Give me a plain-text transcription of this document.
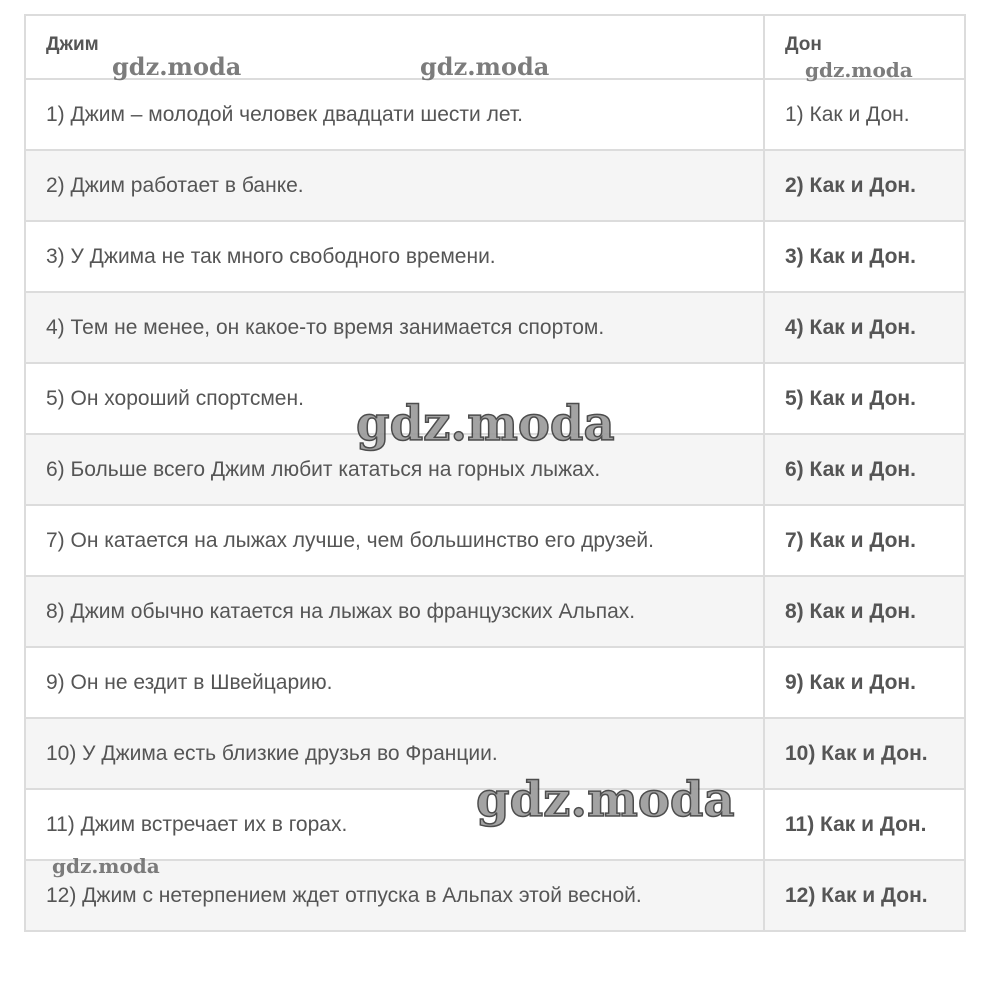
Джим	Дон
1) Джим – молодой человек двадцати шести лет.	1) Как и Дон.
2) Джим работает в банке.	2) Как и Дон.
3) У Джима не так много свободного времени.	3) Как и Дон.
4) Тем не менее, он какое-то время занимается спортом.	4) Как и Дон.
5) Он хороший спортсмен.	5) Как и Дон.
6) Больше всего Джим любит кататься на горных лыжах.	6) Как и Дон.
7) Он катается на лыжах лучше, чем большинство его друзей.	7) Как и Дон.
8) Джим обычно катается на лыжах во французских Альпах.	8) Как и Дон.
9) Он не ездит в Швейцарию.	9) Как и Дон.
10) У Джима есть близкие друзья во Франции.	10) Как и Дон.
11) Джим встречает их в горах.	11) Как и Дон.
12) Джим с нетерпением ждет отпуска в Альпах этой весной.	12) Как и Дон.
gdz.moda	gdz.moda	gdz.moda
gdz.moda
gdz.moda
gdz.moda
